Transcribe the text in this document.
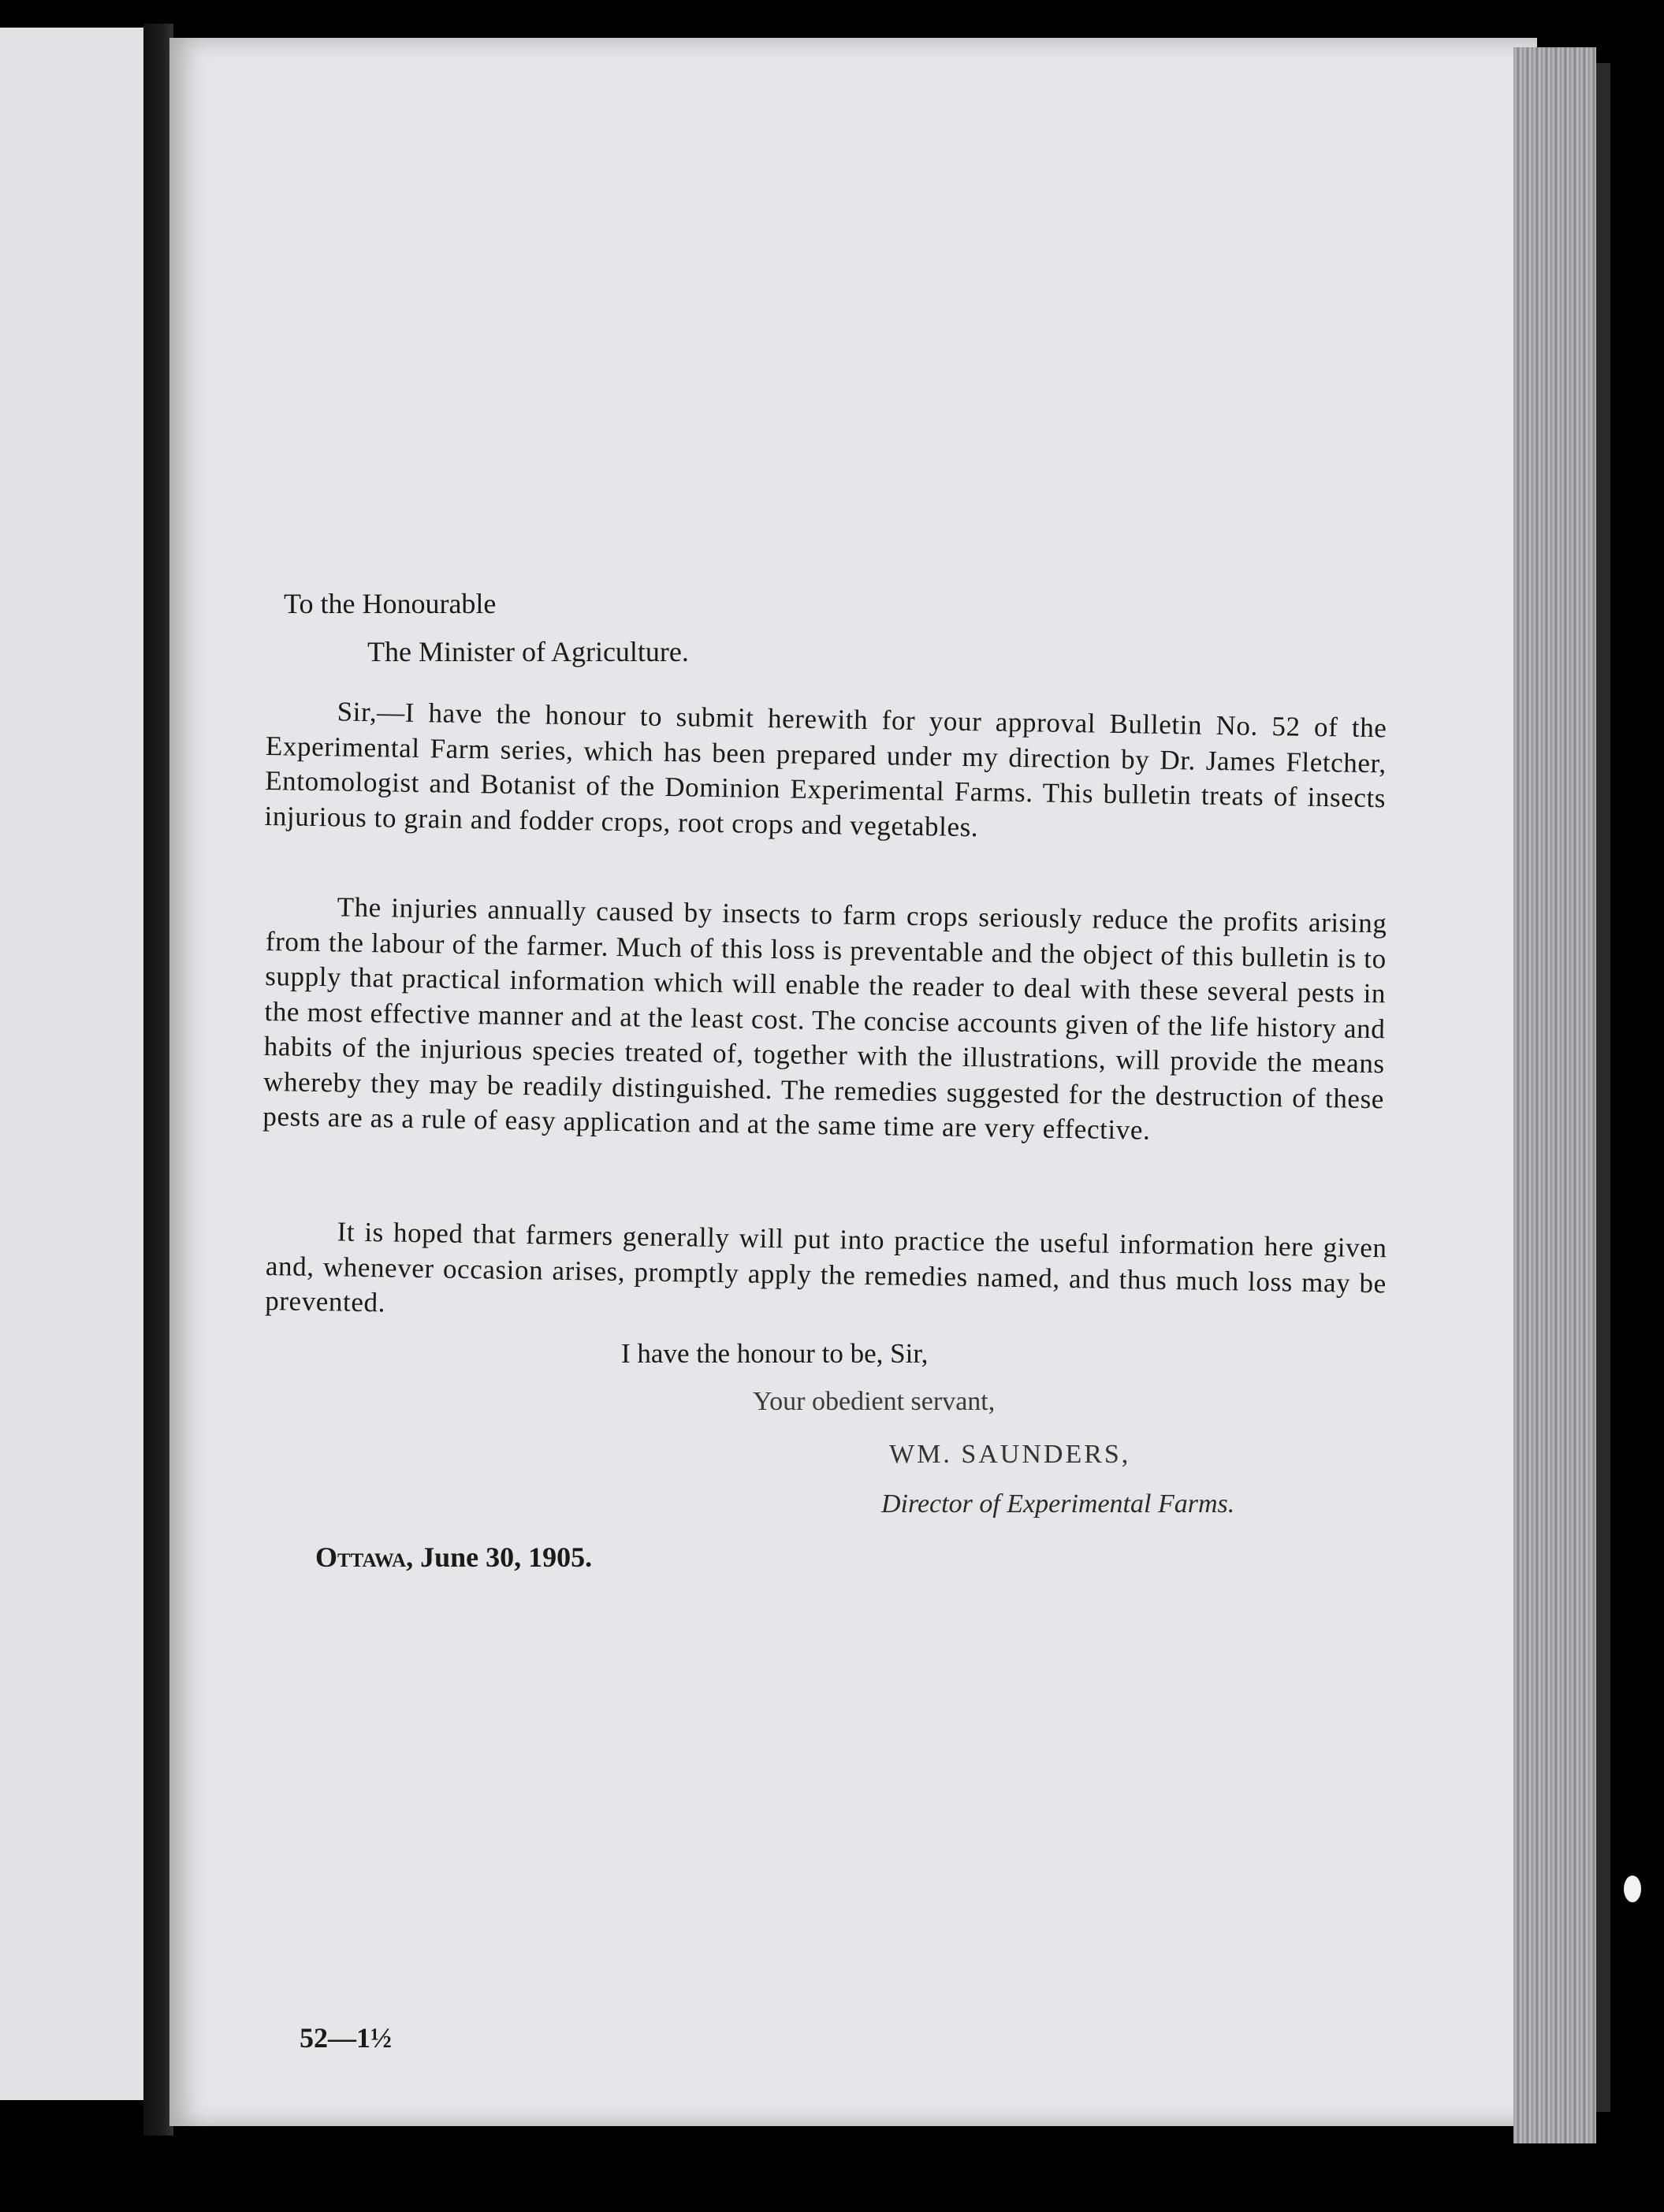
To the Honourable
The Minister of Agriculture.

Sir,—I have the honour to submit herewith for your approval Bulletin No. 52 of the Experimental Farm series, which has been prepared under my direction by Dr. James Fletcher, Entomologist and Botanist of the Dominion Experimental Farms. This bulletin treats of insects injurious to grain and fodder crops, root crops and vegetables.

The injuries annually caused by insects to farm crops seriously reduce the profits arising from the labour of the farmer. Much of this loss is preventable and the object of this bulletin is to supply that practical information which will enable the reader to deal with these several pests in the most effective manner and at the least cost. The concise accounts given of the life history and habits of the injurious species treated of, together with the illustrations, will provide the means whereby they may be readily distinguished. The remedies suggested for the destruction of these pests are as a rule of easy application and at the same time are very effective.

It is hoped that farmers generally will put into practice the useful information here given and, whenever occasion arises, promptly apply the remedies named, and thus much loss may be prevented.

I have the honour to be, Sir,
Your obedient servant,
WM. SAUNDERS,
Director of Experimental Farms.
Ottawa, June 30, 1905.
52—1½
